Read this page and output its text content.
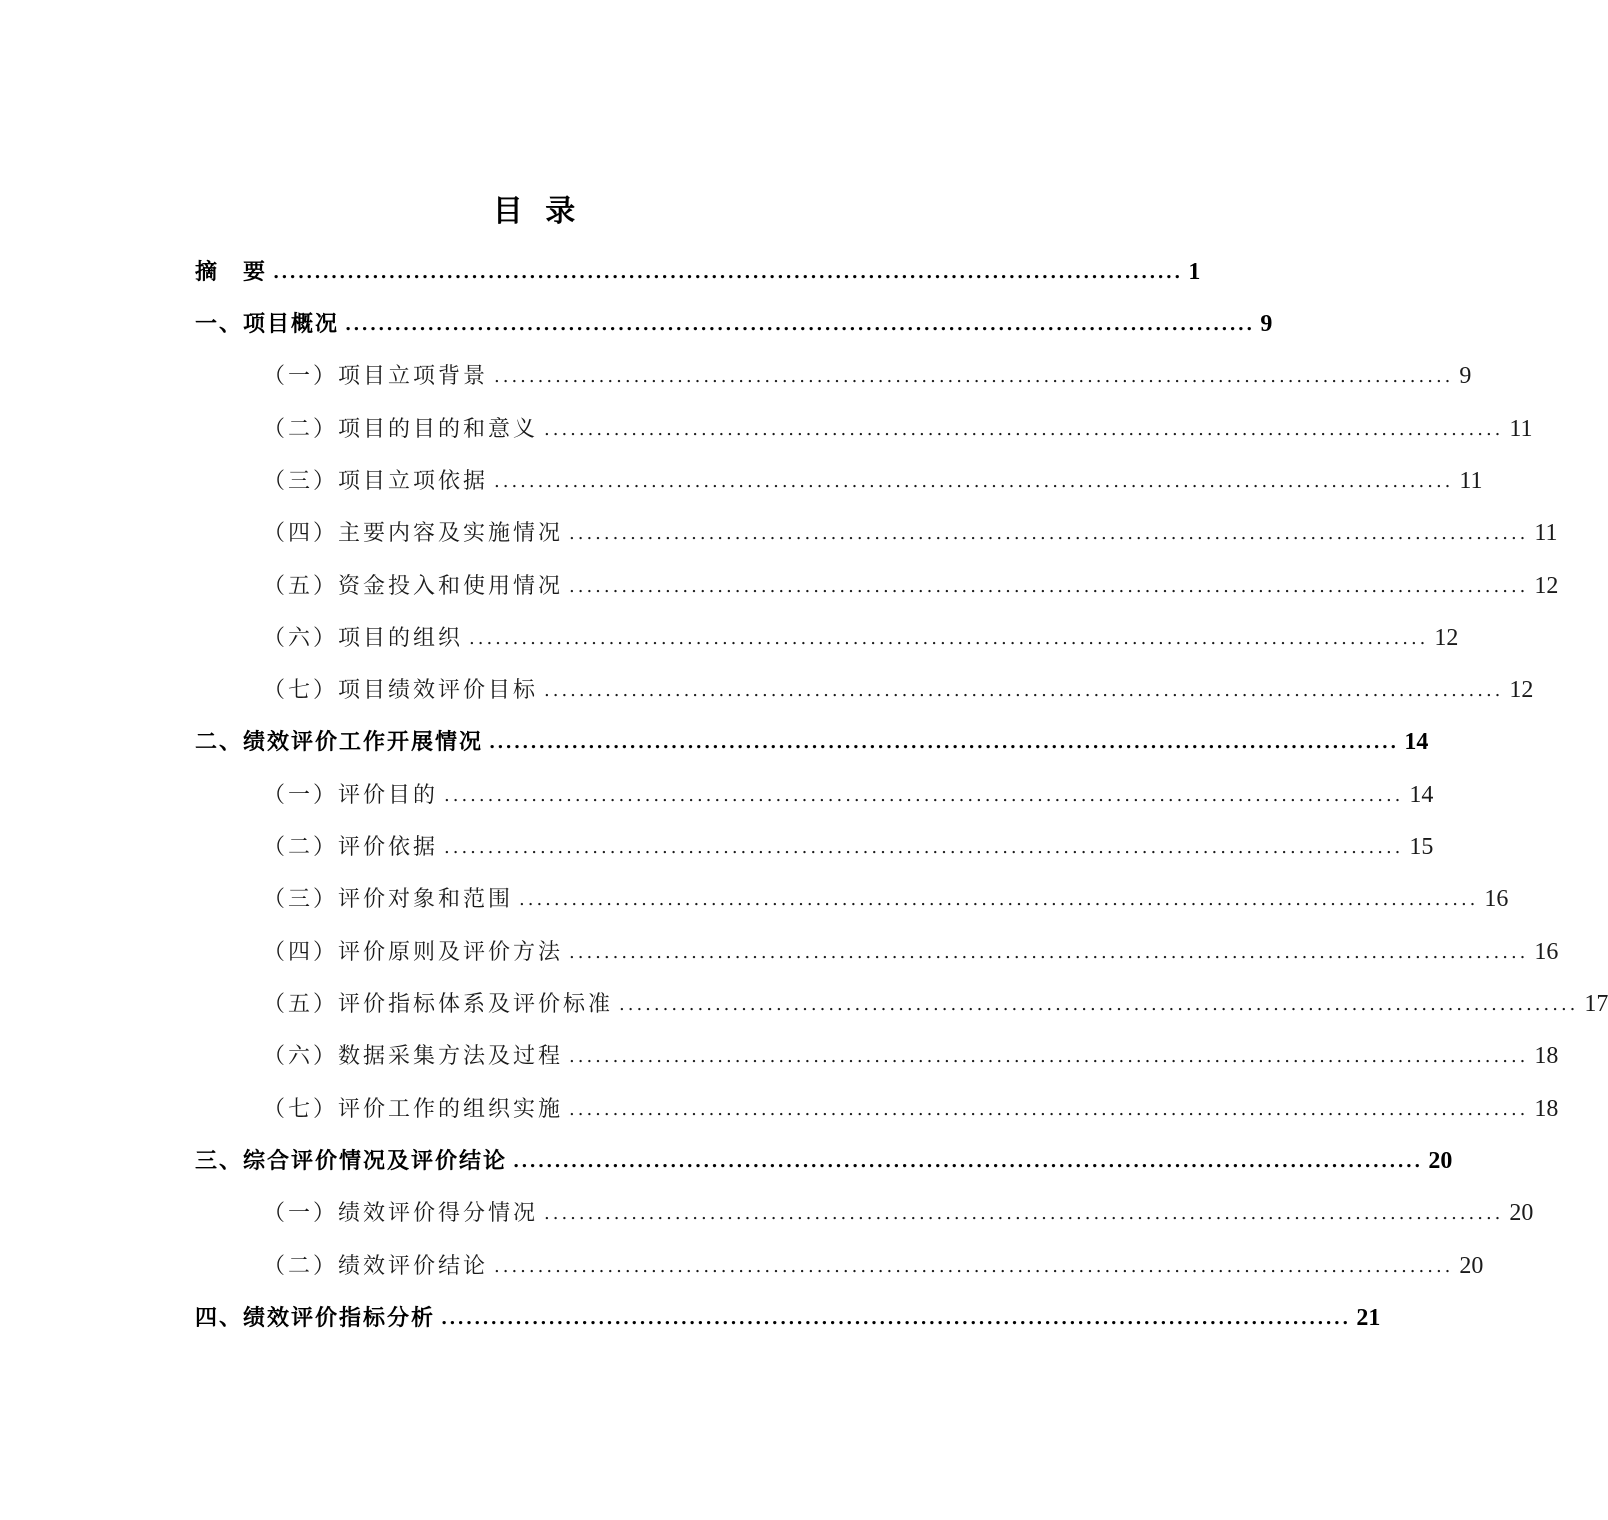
目 录
摘　要 .............................................................................................................. 1
一、项目概况 .............................................................................................................. 9
（一）项目立项背景 .............................................................................................................. 9
（二）项目的目的和意义 .............................................................................................................. 11
（三）项目立项依据 .............................................................................................................. 11
（四）主要内容及实施情况 .............................................................................................................. 11
（五）资金投入和使用情况 .............................................................................................................. 12
（六）项目的组织 .............................................................................................................. 12
（七）项目绩效评价目标 .............................................................................................................. 12
二、绩效评价工作开展情况 .............................................................................................................. 14
（一）评价目的 .............................................................................................................. 14
（二）评价依据 .............................................................................................................. 15
（三）评价对象和范围 .............................................................................................................. 16
（四）评价原则及评价方法 .............................................................................................................. 16
（五）评价指标体系及评价标准 .............................................................................................................. 17
（六）数据采集方法及过程 .............................................................................................................. 18
（七）评价工作的组织实施 .............................................................................................................. 18
三、综合评价情况及评价结论 .............................................................................................................. 20
（一）绩效评价得分情况 .............................................................................................................. 20
（二）绩效评价结论 .............................................................................................................. 20
四、绩效评价指标分析 .............................................................................................................. 21
